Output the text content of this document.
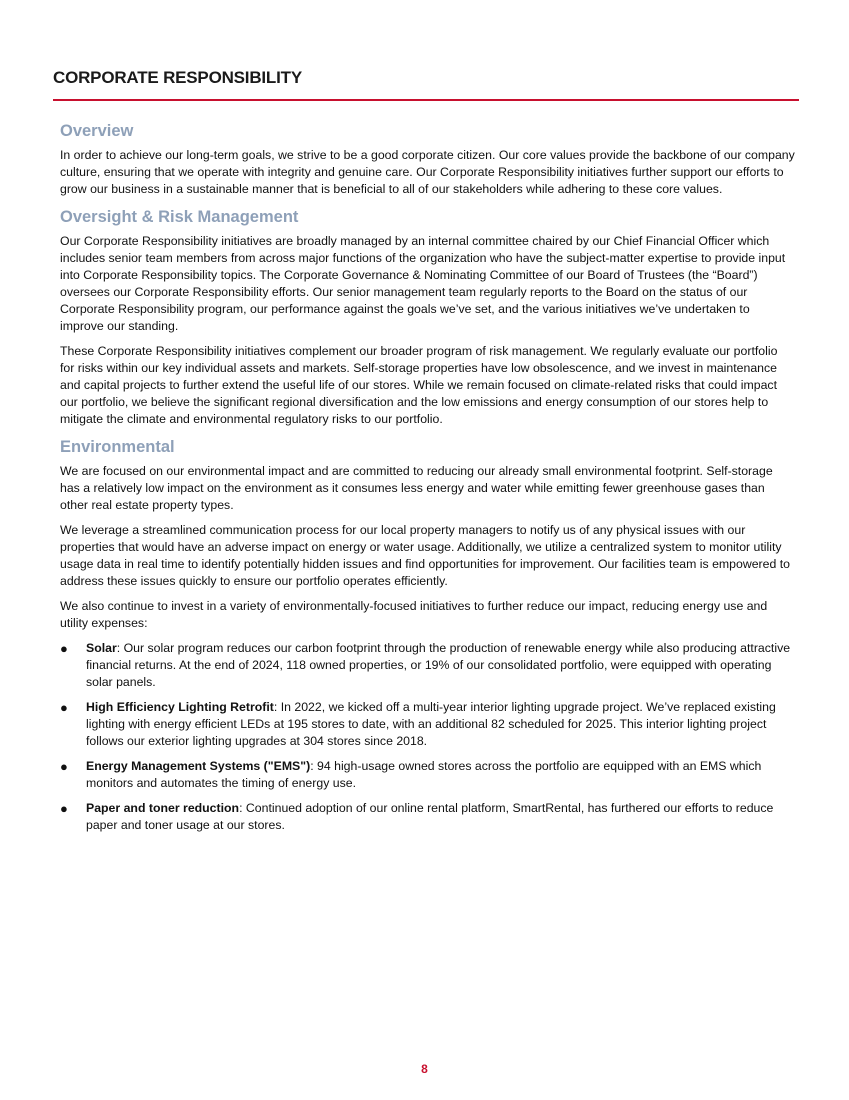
CORPORATE RESPONSIBILITY
Overview

In order to achieve our long-term goals, we strive to be a good corporate citizen. Our core values provide the backbone of our company culture, ensuring that we operate with integrity and genuine care. Our Corporate Responsibility initiatives further support our efforts to grow our business in a sustainable manner that is beneficial to all of our stakeholders while adhering to these core values.

Oversight & Risk Management

Our Corporate Responsibility initiatives are broadly managed by an internal committee chaired by our Chief Financial Officer which includes senior team members from across major functions of the organization who have the subject-matter expertise to provide input into Corporate Responsibility topics. The Corporate Governance & Nominating Committee of our Board of Trustees (the “Board”) oversees our Corporate Responsibility efforts. Our senior management team regularly reports to the Board on the status of our Corporate Responsibility program, our performance against the goals we’ve set, and the various initiatives we’ve undertaken to improve our standing.

These Corporate Responsibility initiatives complement our broader program of risk management. We regularly evaluate our portfolio for risks within our key individual assets and markets. Self-storage properties have low obsolescence, and we invest in maintenance and capital projects to further extend the useful life of our stores. While we remain focused on climate-related risks that could impact our portfolio, we believe the significant regional diversification and the low emissions and energy consumption of our stores help to mitigate the climate and environmental regulatory risks to our portfolio.

Environmental

We are focused on our environmental impact and are committed to reducing our already small environmental footprint. Self-storage has a relatively low impact on the environment as it consumes less energy and water while emitting fewer greenhouse gases than other real estate property types.

We leverage a streamlined communication process for our local property managers to notify us of any physical issues with our properties that would have an adverse impact on energy or water usage. Additionally, we utilize a centralized system to monitor utility usage data in real time to identify potentially hidden issues and find opportunities for improvement. Our facilities team is empowered to address these issues quickly to ensure our portfolio operates efficiently.

We also continue to invest in a variety of environmentally-focused initiatives to further reduce our impact, reducing energy use and utility expenses:

●	Solar: Our solar program reduces our carbon footprint through the production of renewable energy while also producing attractive financial returns. At the end of 2024, 118 owned properties, or 19% of our consolidated portfolio, were equipped with operating solar panels.
●	High Efficiency Lighting Retrofit: In 2022, we kicked off a multi-year interior lighting upgrade project. We’ve replaced existing lighting with energy efficient LEDs at 195 stores to date, with an additional 82 scheduled for 2025. This interior lighting project follows our exterior lighting upgrades at 304 stores since 2018.
●	Energy Management Systems ("EMS"): 94 high-usage owned stores across the portfolio are equipped with an EMS which monitors and automates the timing of energy use.
●	Paper and toner reduction: Continued adoption of our online rental platform, SmartRental, has furthered our efforts to reduce paper and toner usage at our stores.
8
